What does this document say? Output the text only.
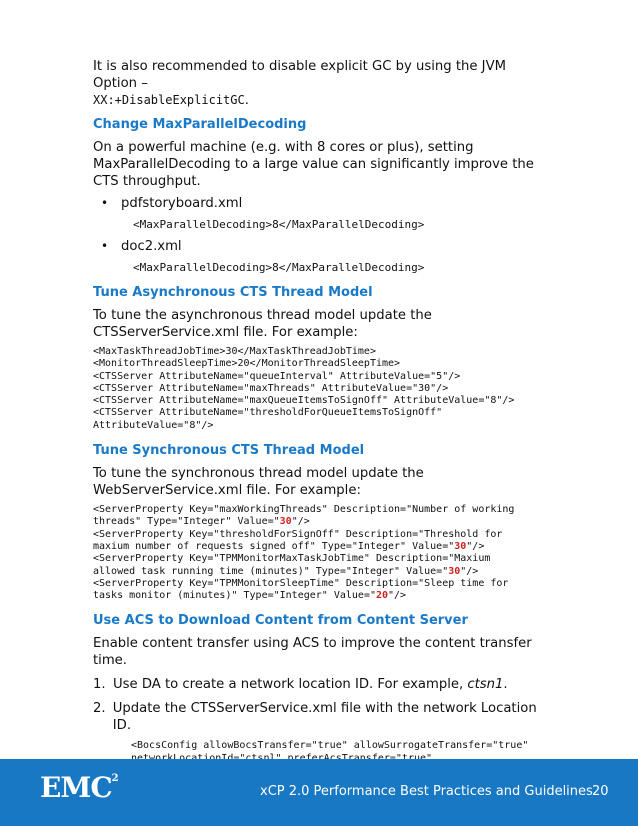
It is also recommended to disable explicit GC by using the JVM Option –
XX:+DisableExplicitGC.

Change MaxParallelDecoding

On a powerful machine (e.g. with 8 cores or plus), setting MaxParallelDecoding to a large value can significantly improve the CTS throughput.

• pdfstoryboard.xml
<MaxParallelDecoding>8</MaxParallelDecoding>
• doc2.xml
<MaxParallelDecoding>8</MaxParallelDecoding>

Tune Asynchronous CTS Thread Model

To tune the asynchronous thread model update the CTSServerService.xml file. For example:

<MaxTaskThreadJobTime>30</MaxTaskThreadJobTime>
<MonitorThreadSleepTime>20</MonitorThreadSleepTime>
<CTSServer AttributeName="queueInterval" AttributeValue="5"/>
<CTSServer AttributeName="maxThreads" AttributeValue="30"/>
<CTSServer AttributeName="maxQueueItemsToSignOff" AttributeValue="8"/>
<CTSServer AttributeName="thresholdForQueueItemsToSignOff"
AttributeValue="8"/>

Tune Synchronous CTS Thread Model

To tune the synchronous thread model update the WebServerService.xml file. For example:

<ServerProperty Key="maxWorkingThreads" Description="Number of working
threads" Type="Integer" Value="30"/>
<ServerProperty Key="thresholdForSignOff" Description="Threshold for
maxium number of requests signed off" Type="Integer" Value="30"/>
<ServerProperty Key="TPMMonitorMaxTaskJobTime" Description="Maxium
allowed task running time (minutes)" Type="Integer" Value="30"/>
<ServerProperty Key="TPMMonitorSleepTime" Description="Sleep time for
tasks monitor (minutes)" Type="Integer" Value="20"/>

Use ACS to Download Content from Content Server

Enable content transfer using ACS to improve the content transfer time.

1. Use DA to create a network location ID. For example, ctsn1.
2. Update the CTSServerService.xml file with the network Location ID.
<BocsConfig allowBocsTransfer="true" allowSurrogateTransfer="true"

EMC$^2$
xCP 2.0 Performance Best Practices and Guidelines 20
